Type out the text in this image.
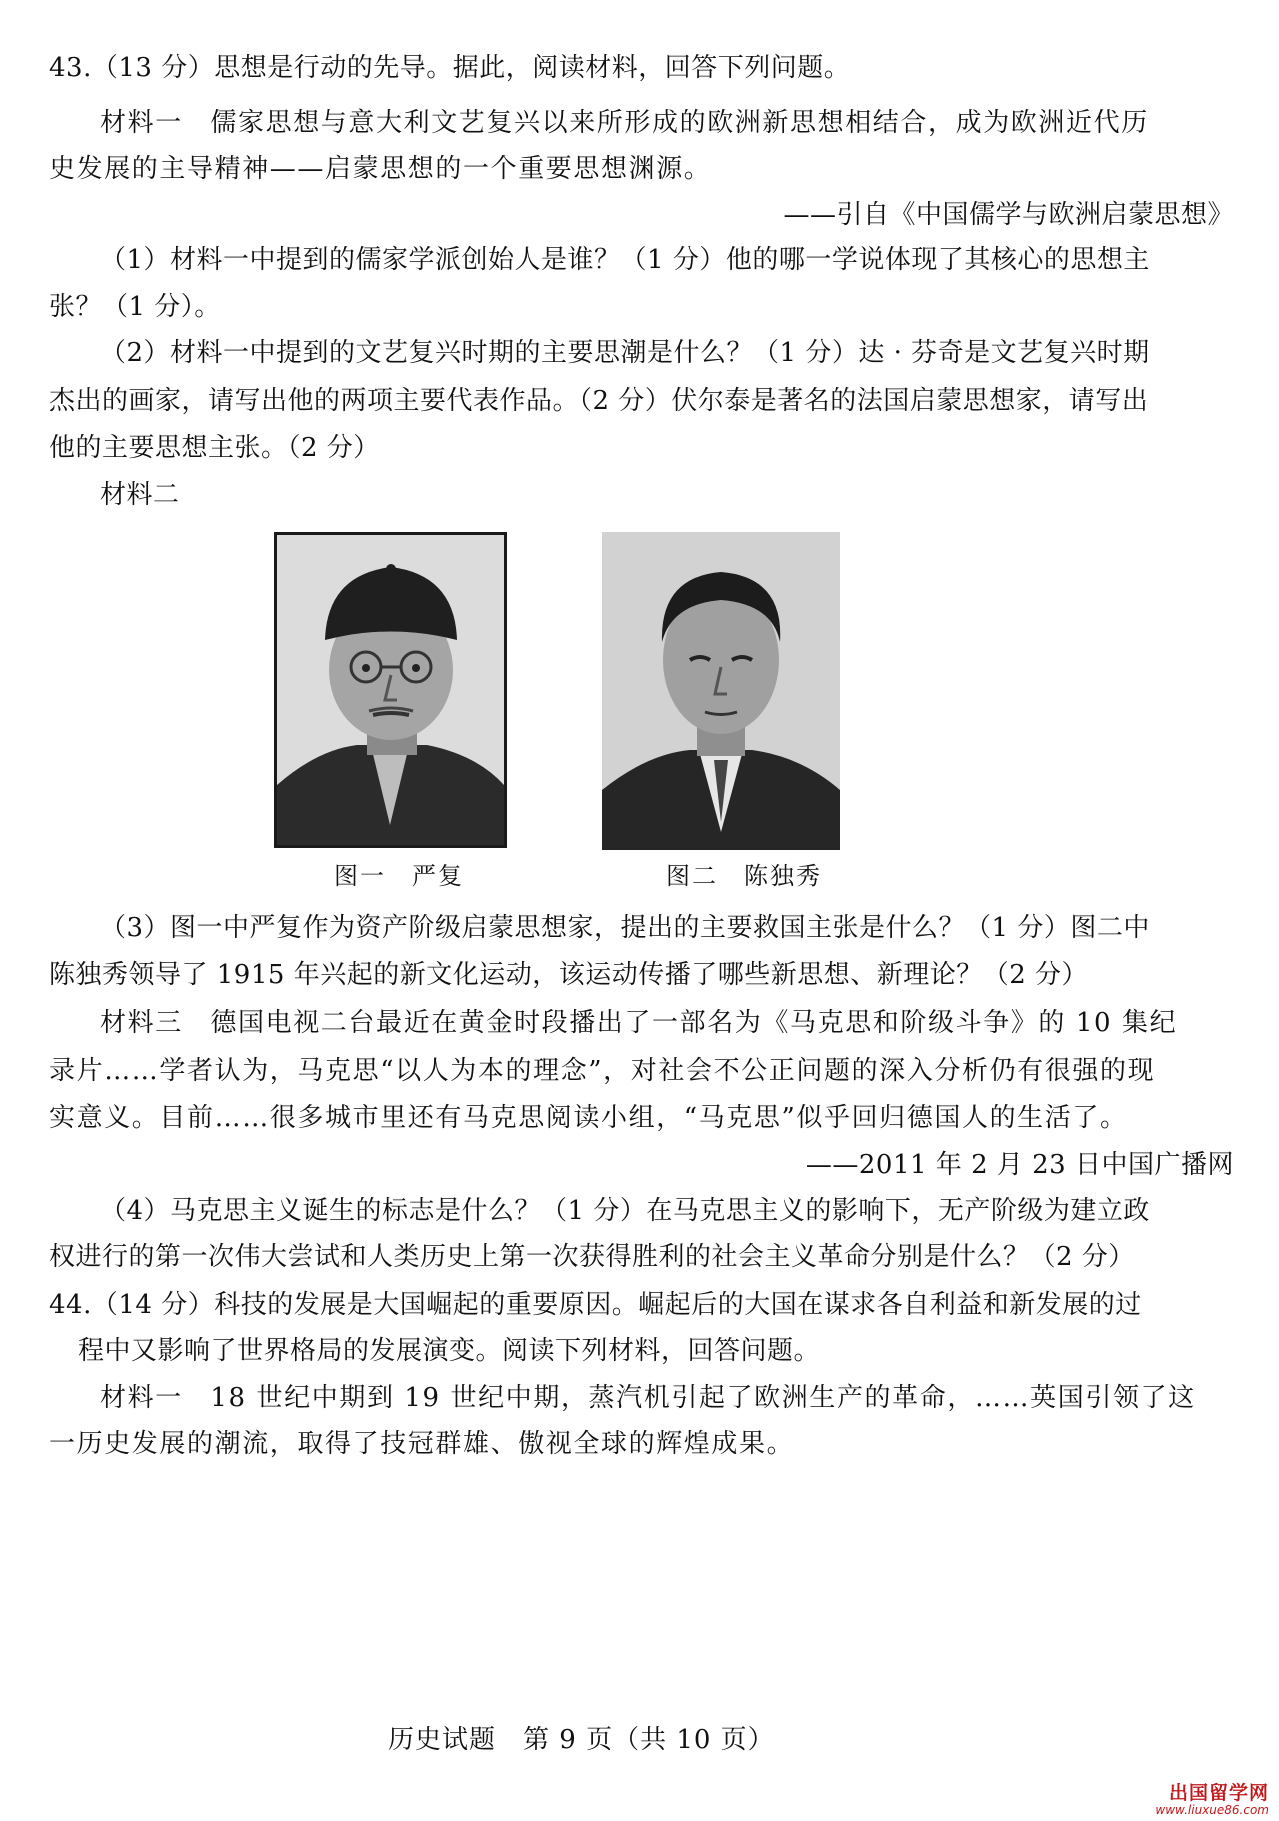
43.（13 分）思想是行动的先导。据此，阅读材料，回答下列问题。
材料一　儒家思想与意大利文艺复兴以来所形成的欧洲新思想相结合，成为欧洲近代历
史发展的主导精神——启蒙思想的一个重要思想渊源。
——引自《中国儒学与欧洲启蒙思想》
（1）材料一中提到的儒家学派创始人是谁？（1 分）他的哪一学说体现了其核心的思想主
张？（1 分）。
（2）材料一中提到的文艺复兴时期的主要思潮是什么？（1 分）达 · 芬奇是文艺复兴时期
杰出的画家，请写出他的两项主要代表作品。（2 分）伏尔泰是著名的法国启蒙思想家，请写出
他的主要思想主张。（2 分）
材料二
图一　严复	图二　陈独秀
（3）图一中严复作为资产阶级启蒙思想家，提出的主要救国主张是什么？（1 分）图二中
陈独秀领导了 1915 年兴起的新文化运动，该运动传播了哪些新思想、新理论？（2 分）
材料三　德国电视二台最近在黄金时段播出了一部名为《马克思和阶级斗争》的 10 集纪
录片……学者认为，马克思“以人为本的理念”，对社会不公正问题的深入分析仍有很强的现
实意义。目前……很多城市里还有马克思阅读小组，“马克思”似乎回归德国人的生活了。
——2011 年 2 月 23 日中国广播网
（4）马克思主义诞生的标志是什么？（1 分）在马克思主义的影响下，无产阶级为建立政
权进行的第一次伟大尝试和人类历史上第一次获得胜利的社会主义革命分别是什么？（2 分）
44.（14 分）科技的发展是大国崛起的重要原因。崛起后的大国在谋求各自利益和新发展的过
程中又影响了世界格局的发展演变。阅读下列材料，回答问题。
材料一　18 世纪中期到 19 世纪中期，蒸汽机引起了欧洲生产的革命，……英国引领了这
一历史发展的潮流，取得了技冠群雄、傲视全球的辉煌成果。
历史试题　第 9 页（共 10 页）
出国留学网
www.liuxue86.com
